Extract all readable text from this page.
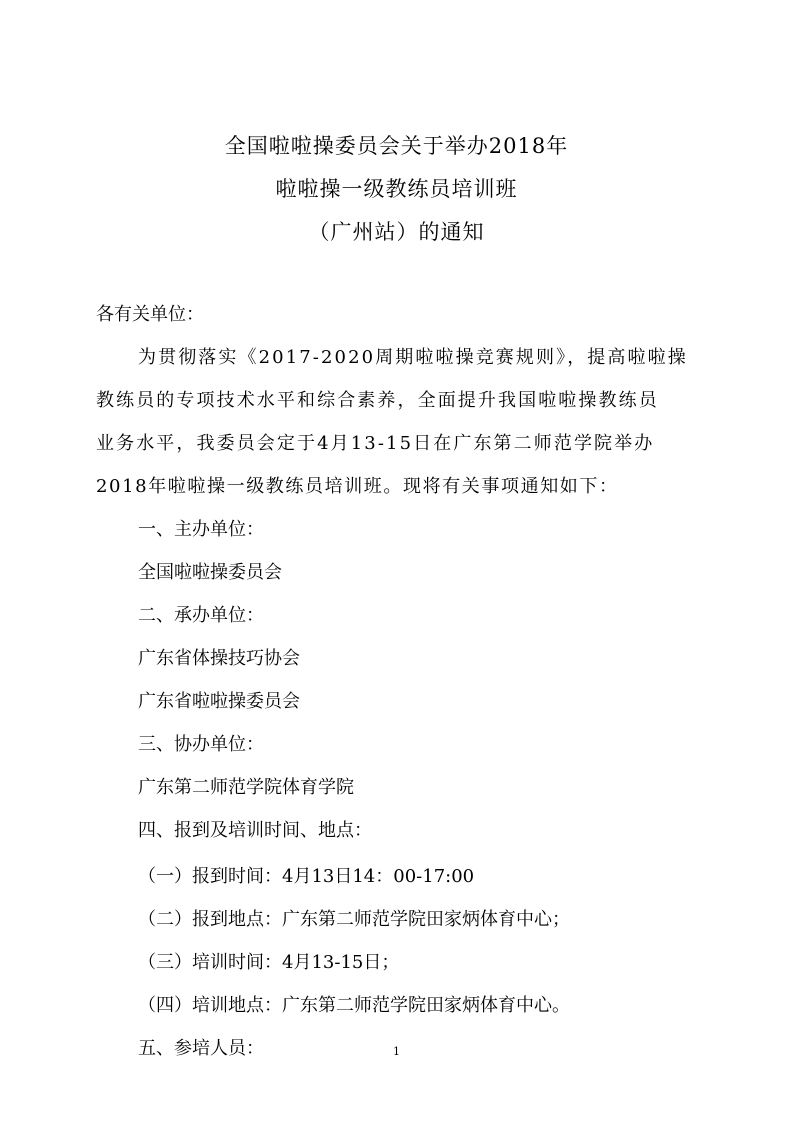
全国啦啦操委员会关于举办2018年
啦啦操一级教练员培训班
（广州站）的通知
各有关单位：
为贯彻落实《2017-2020周期啦啦操竞赛规则》，提高啦啦操
教练员的专项技术水平和综合素养，全面提升我国啦啦操教练员
业务水平，我委员会定于4月13-15日在广东第二师范学院举办
2018年啦啦操一级教练员培训班。现将有关事项通知如下：
一、主办单位：
全国啦啦操委员会
二、承办单位：
广东省体操技巧协会
广东省啦啦操委员会
三、协办单位：
广东第二师范学院体育学院
四、报到及培训时间、地点：
（一）报到时间：4月13日14：00-17:00
（二）报到地点：广东第二师范学院田家炳体育中心；
（三）培训时间：4月13-15日；
（四）培训地点：广东第二师范学院田家炳体育中心。
五、参培人员：	1
